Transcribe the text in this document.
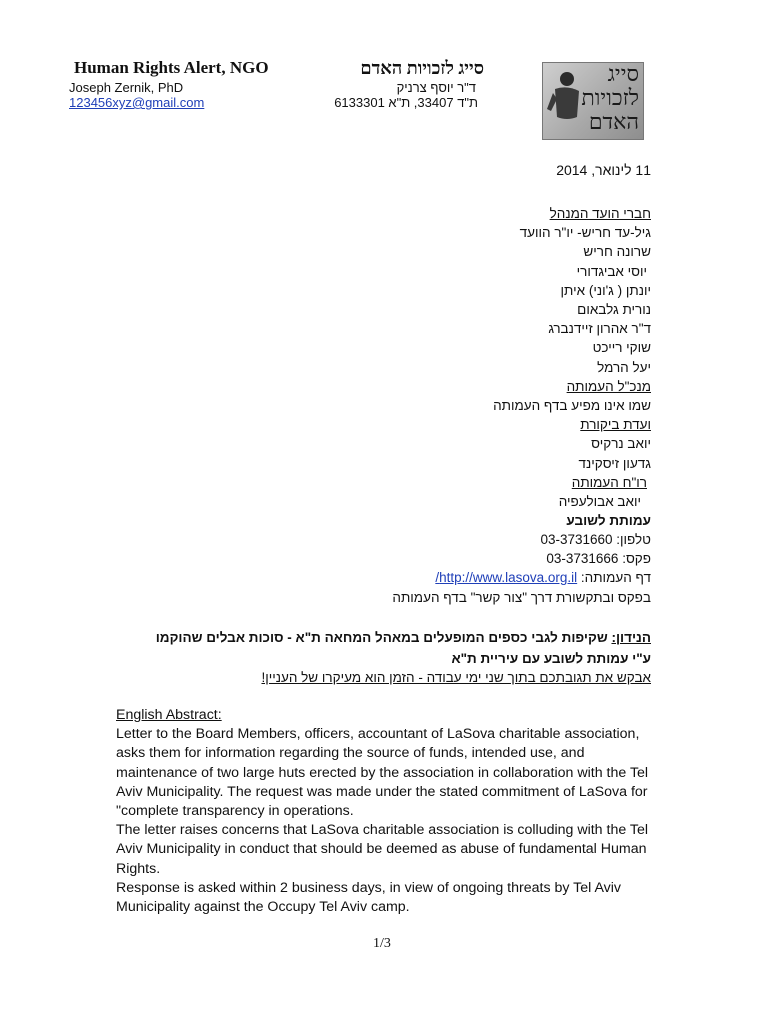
Human Rights Alert, NGO	סייג לזכויות האדם
Joseph Zernik, PhD
123456xyz@gmail.com
ד"ר יוסף צרניק
ת"ד 33407, ת"א 6133301
סייג
לזכויות
האדם
11 לינואר, 2014
חברי הועד המנהל
גיל-עד חריש- יו"ר הוועד
שרונה חריש
יוסי אביגדורי
יונתן ( ג'וני) איתן
נורית גלבאום
ד"ר אהרון זיידנברג
שוקי רייכט
יעל הרמל
מנכ"ל העמותה
שמו אינו מפיע בדף העמותה
ועדת ביקורת
יואב נרקיס
גדעון זיסקינד
רו"ח העמותה
יואב אבולעפיה
עמותת לשובע
טלפון: 03-3731660
פקס: 03-3731666
דף העמותה: http://www.lasova.org.il/
בפקס ובתקשורת דרך "צור קשר" בדף העמותה
הנידון: שקיפות לגבי כספים המופעלים במאהל המחאה ת"א - סוכות אבלים שהוקמו
ע"י עמותת לשובע עם עיריית ת"א
אבקש את תגובתכם בתוך שני ימי עבודה - הזמן הוא מעיקרו של העניין!
English Abstract:
Letter to the Board Members, officers, accountant of LaSova charitable association, asks them for information regarding the source of funds, intended use, and maintenance of two large huts erected by the association in collaboration with the Tel Aviv Municipality. The request was made under the stated commitment of LaSova for "complete transparency in operations.
The letter raises concerns that LaSova charitable association is colluding with the Tel Aviv Municipality in conduct that should be deemed as abuse of fundamental Human Rights.
Response is asked within 2 business days, in view of ongoing threats by Tel Aviv Municipality against the Occupy Tel Aviv camp.
1/3
